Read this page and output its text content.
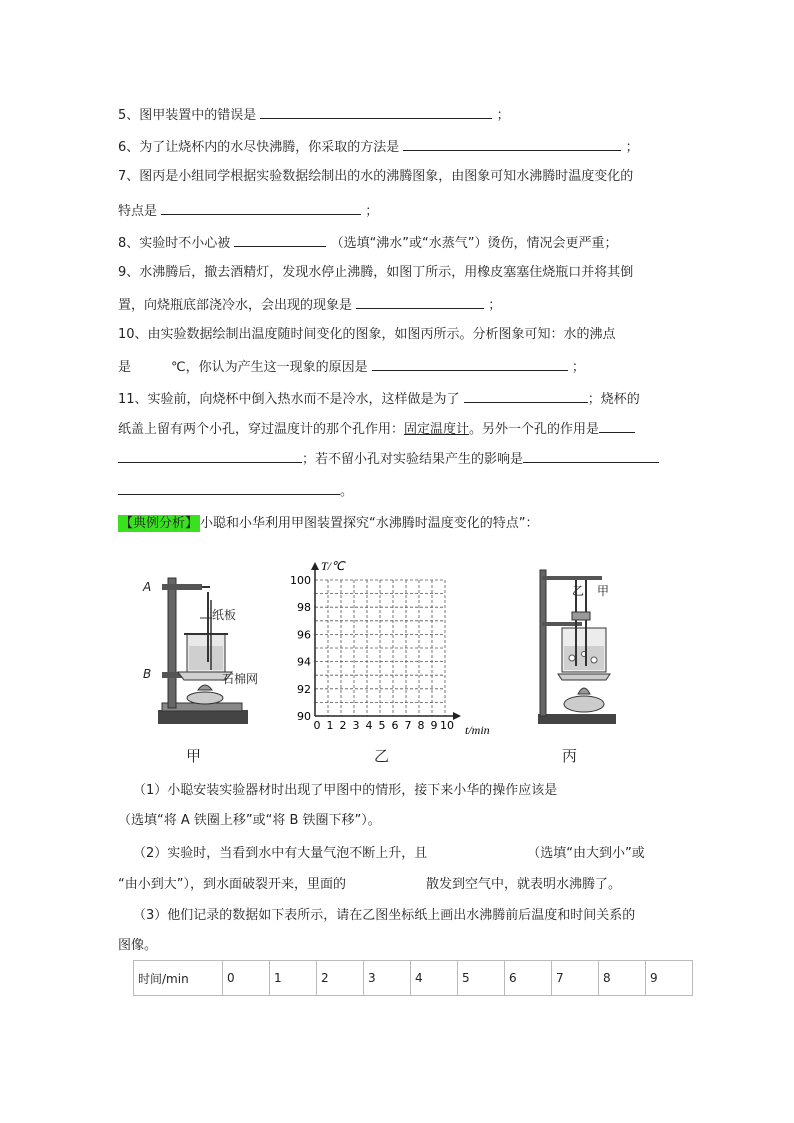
5、图甲装置中的错误是	；
6、为了让烧杯内的水尽快沸腾，你采取的方法是	；
7、图丙是小组同学根据实验数据绘制出的水的沸腾图象，由图象可知水沸腾时温度变化的
特点是	；
8、实验时不小心被	（选填“沸水”或“水蒸气”）烫伤，情况会更严重；
9、水沸腾后，撤去酒精灯，发现水停止沸腾，如图丁所示，用橡皮塞塞住烧瓶口并将其倒
置，向烧瓶底部浇冷水，会出现的现象是	；
10、由实验数据绘制出温度随时间变化的图象，如图丙所示。分析图象可知：水的沸点
是	℃，你认为产生这一现象的原因是	；
11、实验前，向烧杯中倒入热水而不是冷水，这样做是为了	；烧杯的
纸盖上留有两个小孔，穿过温度计的那个孔作用：固定温度计。另外一个孔的作用是
；若不留小孔对实验结果产生的影响是
。
【典例分析】 小聪和小华利用甲图装置探究“水沸腾时温度变化的特点”：
A
B
纸板
石棉网
甲
100
98
96
94
92
90
0 1 2 3 4 5 6 7 8 9 10
T/℃
t/min
乙
乙 甲
丙
（1）小聪安装实验器材时出现了甲图中的情形，接下来小华的操作应该是
（选填“将 A 铁圈上移”或“将 B 铁圈下移”）。
（2）实验时，当看到水中有大量气泡不断上升，且	（选填“由大到小”或
“由小到大”），到水面破裂开来，里面的	散发到空气中，就表明水沸腾了。
（3）他们记录的数据如下表所示，请在乙图坐标纸上画出水沸腾前后温度和时间关系的
图像。
时间/min	0	1	2	3	4	5	6	7	8	9
